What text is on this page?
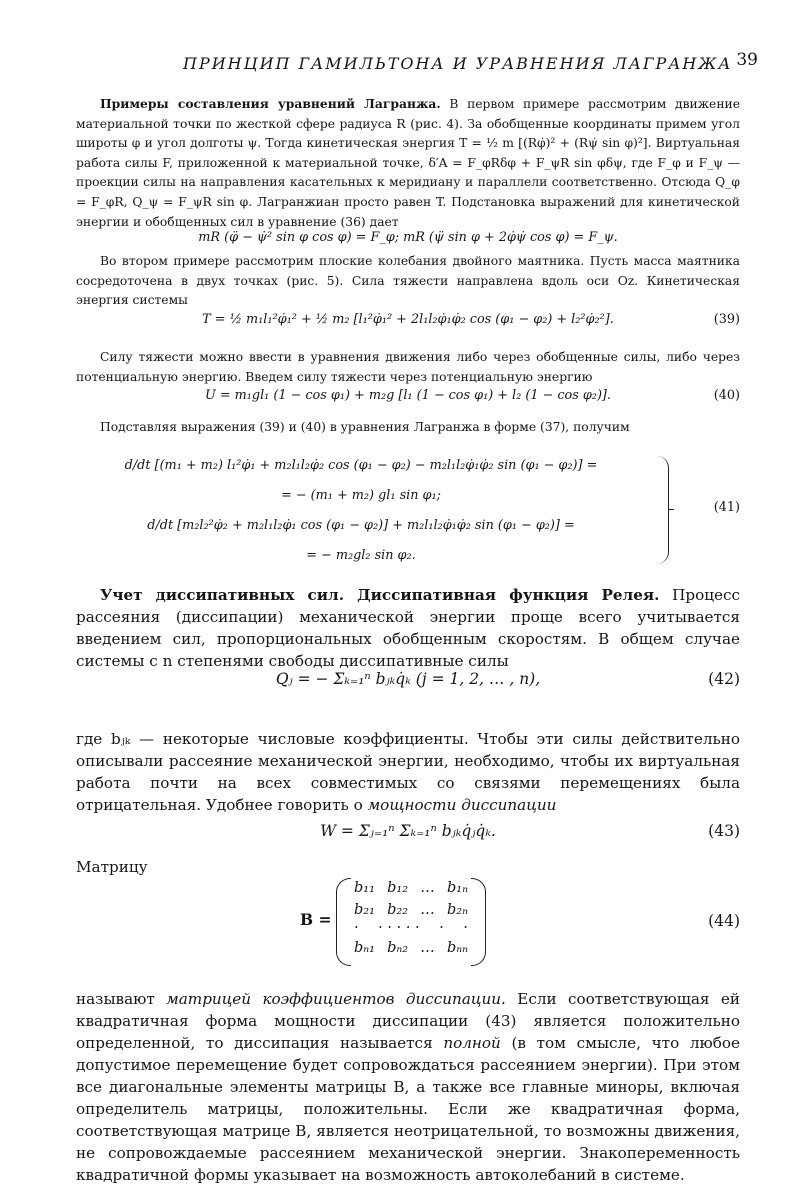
ПРИНЦИП ГАМИЛЬТОНА И УРАВНЕНИЯ ЛАГРАНЖА 39
Примеры составления уравнений Лагранжа. В первом примере рассмотрим движение материальной точки по жесткой сфере радиуса R (рис. 4). За обобщенные координаты примем угол широты φ и угол долготы ψ. Тогда кинетическая энергия T = ½ m [(Rφ̇)² + (Rψ̇ sin φ)²]. Виртуальная работа силы F, приложенной к материальной точке, δ′A = F_φRδφ + F_ψR sin φδψ, где F_φ и F_ψ — проекции силы на направления касательных к меридиану и параллели соответственно. Отсюда Q_φ = F_φR, Q_ψ = F_ψR sin φ. Лагранжиан просто равен T. Подстановка выражений для кинетической энергии и обобщенных сил в уравнение (36) дает
mR (φ̈ − ψ̇² sin φ cos φ) = F_φ; mR (ψ̈ sin φ + 2φ̇ψ̇ cos φ) = F_ψ.
Во втором примере рассмотрим плоские колебания двойного маятника. Пусть масса маятника сосредоточена в двух точках (рис. 5). Сила тяжести направлена вдоль оси Oz. Кинетическая энергия системы
T = ½ m₁l₁²φ̇₁² + ½ m₂ [l₁²φ̇₁² + 2l₁l₂φ̇₁φ̇₂ cos (φ₁ − φ₂) + l₂²φ̇₂²].	(39)
Силу тяжести можно ввести в уравнения движения либо через обобщенные силы, либо через потенциальную энергию. Введем силу тяжести через потенциальную энергию
U = m₁gl₁ (1 − cos φ₁) + m₂g [l₁ (1 − cos φ₁) + l₂ (1 − cos φ₂)].	(40)
Подставляя выражения (39) и (40) в уравнения Лагранжа в форме (37), получим
d/dt [(m₁ + m₂) l₁²φ̇₁ + m₂l₁l₂φ̇₂ cos (φ₁ − φ₂) − m₂l₁l₂φ̇₁φ̇₂ sin (φ₁ − φ₂)] =
= − (m₁ + m₂) gl₁ sin φ₁;
d/dt [m₂l₂²φ̇₂ + m₂l₁l₂φ̇₁ cos (φ₁ − φ₂)] + m₂l₁l₂φ̇₁φ̇₂ sin (φ₁ − φ₂)] =
= − m₂gl₂ sin φ₂.
(41)
Учет диссипативных сил. Диссипативная функция Релея. Процесс рассеяния (диссипации) механической энергии проще всего учитывается введением сил, пропорциональных обобщенным скоростям. В общем случае системы с n степенями свободы диссипативные силы
Qⱼ = − Σₖ₌₁ⁿ bⱼₖq̇ₖ (j = 1, 2, … , n),	(42)
где bⱼₖ — некоторые числовые коэффициенты. Чтобы эти силы действительно описывали рассеяние механической энергии, необходимо, чтобы их виртуальная работа почти на всех совместимых со связями перемещениях была отрицательная. Удобнее говорить о мощности диссипации
W = Σⱼ₌₁ⁿ Σₖ₌₁ⁿ bⱼₖq̇ⱼq̇ₖ.	(43)
Матрицу
B =
b₁₁ b₁₂ … b₁ₙ
b₂₁ b₂₂ … b₂ₙ
· · · · · · · ·
bₙ₁ bₙ₂ … bₙₙ
(44)
называют матрицей коэффициентов диссипации. Если соответствующая ей квадратичная форма мощности диссипации (43) является положительно определенной, то диссипация называется полной (в том смысле, что любое допустимое перемещение будет сопровождаться рассеянием энергии). При этом все диагональные элементы матрицы B, а также все главные миноры, включая определитель матрицы, положительны. Если же квадратичная форма, соответствующая матрице B, является неотрицательной, то возможны движения, не сопровождаемые рассеянием механической энергии. Знакопеременность квадратичной формы указывает на возможность автоколебаний в системе.
